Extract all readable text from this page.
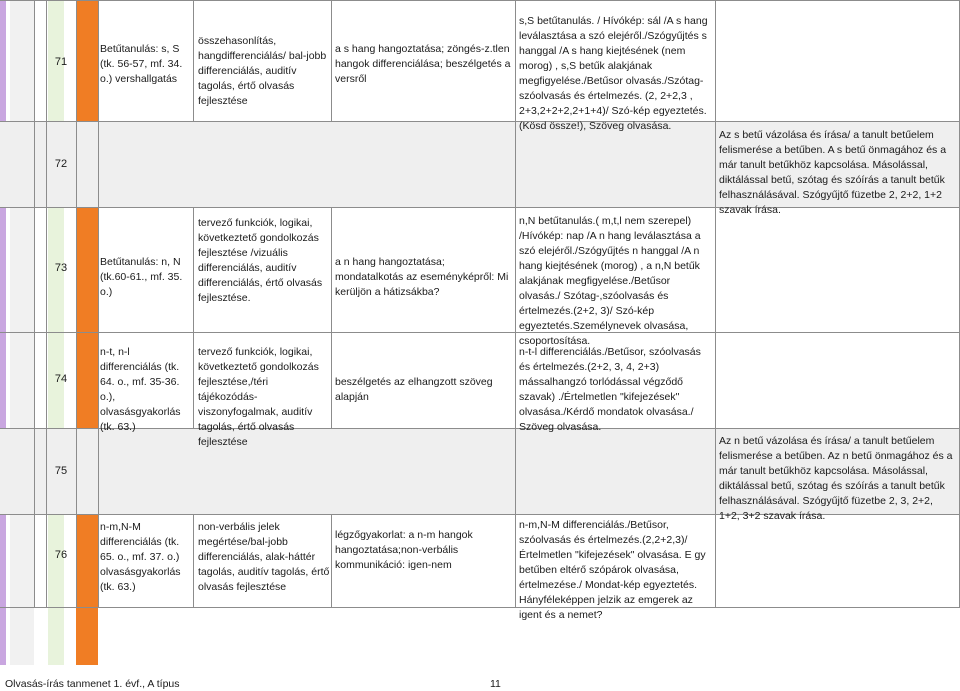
71
Betűtanulás: s, S (tk. 56-57, mf. 34. o.) vershallgatás
összehasonlítás, hangdifferenciálás/ bal-jobb differenciálás, auditív tagolás, értő olvasás fejlesztése
a s hang hangoztatása; zöngés-z.tlen hangok differenciálása; beszélgetés a versről
s,S betűtanulás. / Hívókép: sál /A s hang leválasztása a szó elejéről./Szógyűjtés s hanggal /A s hang kiejtésének (nem morog) , s,S betűk alakjának megfigyelése./Betűsor olvasás./Szótag-szóolvasás és értelmezés. (2, 2+2,3 , 2+3,2+2+2,2+1+4)/ Szó-kép egyeztetés.(Kösd össze!), Szöveg olvasása.
72
Az s betű vázolása és írása/ a tanult betűelem felismerése a betűben. A s betű önmagához és a már tanult betűkhöz kapcsolása. Másolással, diktálással betű, szótag és szóírás a tanult betűk felhasználásával. Szógyűjtő füzetbe 2, 2+2, 1+2 szavak írása.
73	Betűtanulás: n, N (tk.60-61., mf. 35. o.)
tervező funkciók, logikai, következtető gondolkozás fejlesztése /vizuális differenciálás, auditív differenciálás, értő olvasás fejlesztése.
a n hang hangoztatása; mondatalkotás az eseményképről: Mi kerüljön a hátizsákba?
n,N betűtanulás.( m,t,l nem szerepel) /Hívókép: nap /A n hang leválasztása a szó elejéről./Szógyűjtés n hanggal /A n hang kiejtésének (morog) , a n,N betűk alakjának megfigyelése./Betűsor olvasás./ Szótag-,szóolvasás és értelmezés.(2+2, 3)/ Szó-kép egyeztetés.Személynevek olvasása, csoportosítása.
74
n-t, n-l differenciálás (tk. 64. o., mf. 35-36. o.), olvasásgyakorlás (tk. 63.)
tervező funkciók, logikai, következtető gondolkozás fejlesztése,/téri tájékozódás-viszonyfogalmak, auditív tagolás, értő olvasás fejlesztése
beszélgetés az elhangzott szöveg alapján
n-t-l differenciálás./Betűsor, szóolvasás és értelmezés.(2+2, 3, 4, 2+3) mássalhangzó torlódással végződő szavak) ./Értelmetlen "kifejezések" olvasása./Kérdő mondatok olvasása./ Szöveg olvasása.
75
Az n betű vázolása és írása/ a tanult betűelem felismerése a betűben. Az n betű önmagához és a már tanult betűkhöz kapcsolása. Másolással, diktálással betű, szótag és szóírás a tanult betűk felhasználásával. Szógyűjtő füzetbe 2, 3, 2+2, 1+2, 3+2 szavak írása.
76
n-m,N-M differenciálás (tk. 65. o., mf. 37. o.) olvasásgyakorlás (tk. 63.)
non-verbális jelek megértése/bal-jobb differenciálás, alak-háttér tagolás, auditív tagolás, értő olvasás fejlesztése
légzőgyakorlat: a n-m hangok hangoztatása;non-verbális kommunikáció: igen-nem
n-m,N-M differenciálás./Betűsor, szóolvasás és értelmezés.(2,2+2,3)/Értelmetlen "kifejezések" olvasása. E gy betűben eltérő szópárok olvasása, értelmezése./ Mondat-kép egyeztetés. Hányféleképpen jelzik az emgerek az igent és a nemet?
Olvasás-írás tanmenet 1. évf., A típus	11
